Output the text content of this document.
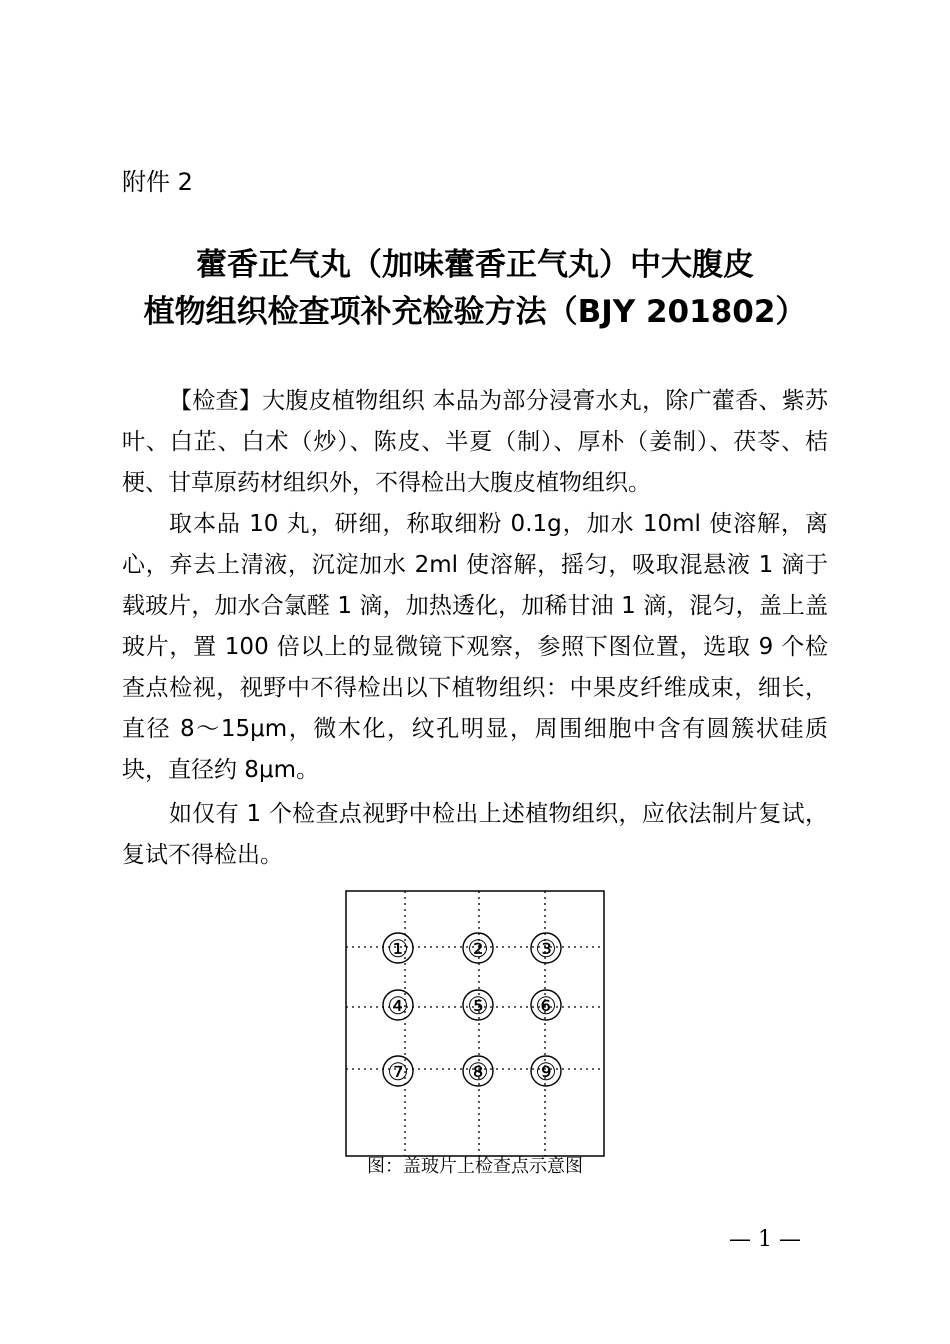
附件 2
藿香正气丸（加味藿香正气丸）中大腹皮
植物组织检查项补充检验方法（BJY 201802）

【检查】大腹皮植物组织 本品为部分浸膏水丸，除广藿香、紫苏叶、白芷、白术（炒）、陈皮、半夏（制）、厚朴（姜制）、茯苓、桔梗、甘草原药材组织外，不得检出大腹皮植物组织。

取本品 10 丸，研细，称取细粉 0.1g，加水 10ml 使溶解，离心，弃去上清液，沉淀加水 2ml 使溶解，摇匀，吸取混悬液 1 滴于载玻片，加水合氯醛 1 滴，加热透化，加稀甘油 1 滴，混匀，盖上盖玻片，置 100 倍以上的显微镜下观察，参照下图位置，选取 9 个检查点检视，视野中不得检出以下植物组织：中果皮纤维成束，细长，直径 8～15μm，微木化，纹孔明显，周围细胞中含有圆簇状硅质块，直径约 8μm。

如仅有 1 个检查点视野中检出上述植物组织，应依法制片复试，复试不得检出。

① ② ③
④ ⑤ ⑥
⑦ ⑧ ⑨
图：盖玻片上检查点示意图
— 1 —
